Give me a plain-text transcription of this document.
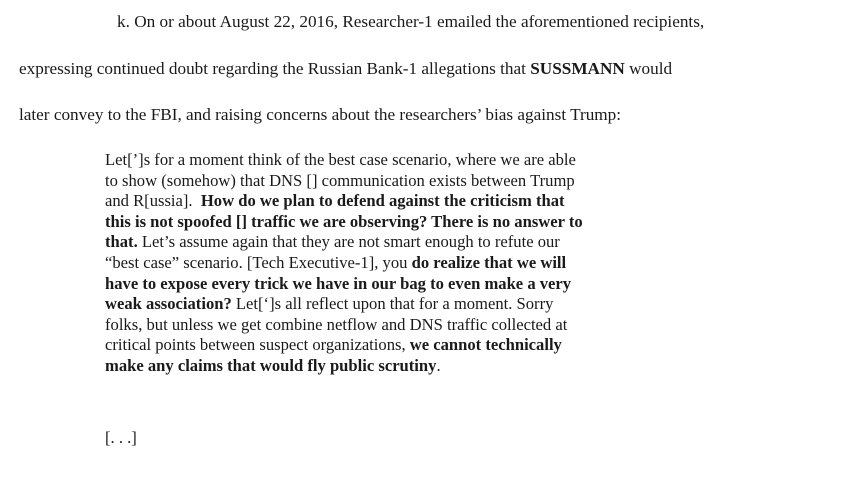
k. On or about August 22, 2016, Researcher-1 emailed the aforementioned recipients,
expressing continued doubt regarding the Russian Bank-1 allegations that SUSSMANN would
later convey to the FBI, and raising concerns about the researchers’ bias against Trump:
Let[’]s for a moment think of the best case scenario, where we are able
to show (somehow) that DNS [] communication exists between Trump
and R[ussia]. How do we plan to defend against the criticism that
this is not spoofed [] traffic we are observing? There is no answer to
that. Let’s assume again that they are not smart enough to refute our
“best case” scenario. [Tech Executive-1], you do realize that we will
have to expose every trick we have in our bag to even make a very
weak association? Let[‘]s all reflect upon that for a moment. Sorry
folks, but unless we get combine netflow and DNS traffic collected at
critical points between suspect organizations, we cannot technically
make any claims that would fly public scrutiny.
[. . .]
